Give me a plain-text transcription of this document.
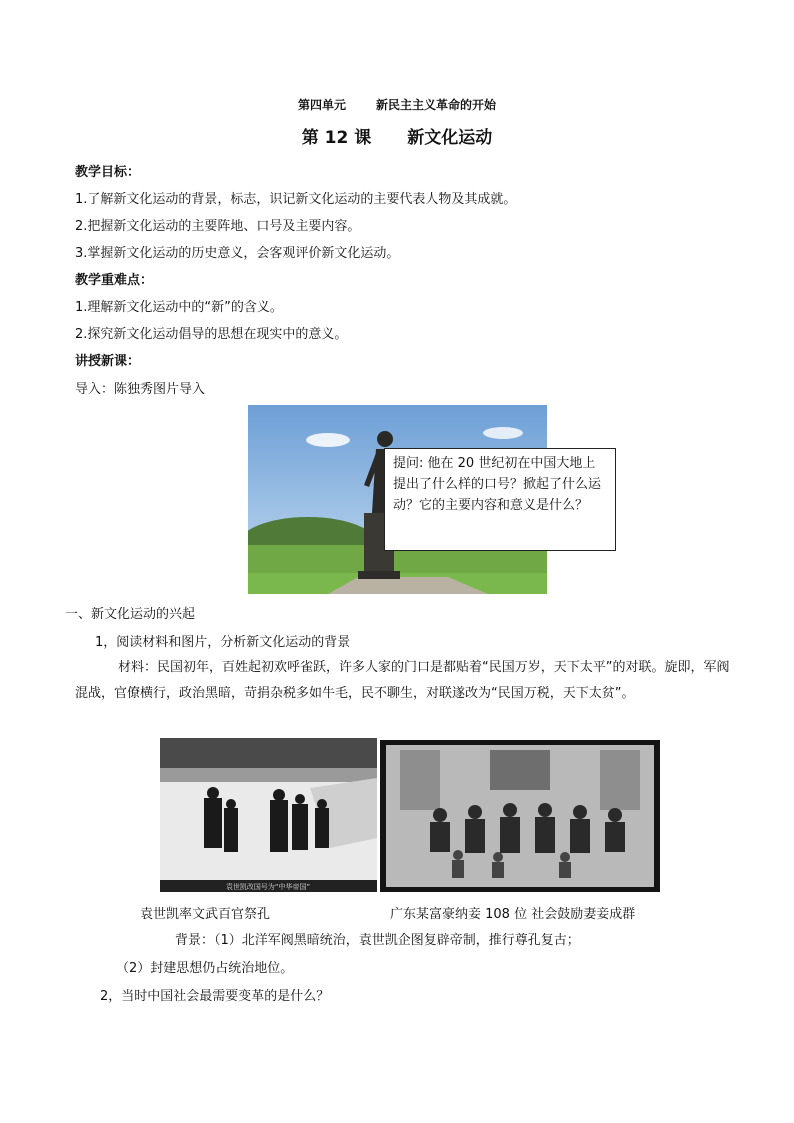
第四单元	新民主主义革命的开始
第 12 课 新文化运动
教学目标：
1.了解新文化运动的背景，标志，识记新文化运动的主要代表人物及其成就。
2.把握新文化运动的主要阵地、口号及主要内容。
3.掌握新文化运动的历史意义，会客观评价新文化运动。
教学重难点：
1.理解新文化运动中的“新”的含义。
2.探究新文化运动倡导的思想在现实中的意义。
讲授新课：
导入：陈独秀图片导入
提问: 他在 20 世纪初在中国大地上提出了什么样的口号？掀起了什么运动？它的主要内容和意义是什么？
一、新文化运动的兴起
1，阅读材料和图片，分析新文化运动的背景
材料：民国初年，百姓起初欢呼雀跃，许多人家的门口是都贴着“民国万岁，天下太平”的对联。旋即，军阀混战，官僚横行，政治黑暗，苛捐杂税多如牛毛，民不聊生，对联遂改为“民国万税，天下太贫”。
袁世凯改国号为“中华帝国”
袁世凯率文武百官祭孔	广东某富豪纳妾 108 位 社会鼓励妻妾成群
背景：（1）北洋军阀黑暗统治，袁世凯企图复辟帝制，推行尊孔复古；
（2）封建思想仍占统治地位。
2，当时中国社会最需要变革的是什么？
